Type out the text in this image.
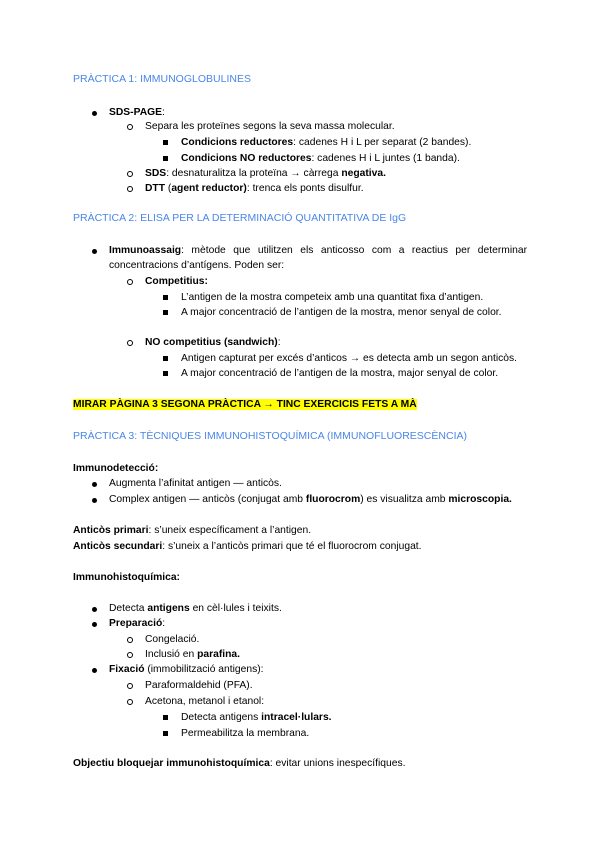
PRÀCTICA 1: IMMUNOGLOBULINES
SDS-PAGE:
Separa les proteïnes segons la seva massa molecular.
Condicions reductores: cadenes H i L per separat (2 bandes).
Condicions NO reductores: cadenes H i L juntes (1 banda).
SDS: desnaturalitza la proteïna → càrrega negativa.
DTT (agent reductor): trenca els ponts disulfur.
PRÀCTICA 2: ELISA PER LA DETERMINACIÓ QUANTITATIVA DE IgG
Immunoassaig: mètode que utilitzen els anticosso com a reactius per determinar
concentracions d’antígens. Poden ser:
Competitius:
L’antigen de la mostra competeix amb una quantitat fixa d’antigen.
A major concentració de l’antigen de la mostra, menor senyal de color.
NO competitius (sandwich):
Antigen capturat per excés d’anticos → es detecta amb un segon anticòs.
A major concentració de l’antigen de la mostra, major senyal de color.
MIRAR PÀGINA 3 SEGONA PRÀCTICA → TINC EXERCICIS FETS A MÀ
PRÀCTICA 3: TÈCNIQUES IMMUNOHISTOQUÍMICA (IMMUNOFLUORESCÈNCIA)
Immunodetecció:
Augmenta l’afinitat antigen — anticòs.
Complex antigen — anticòs (conjugat amb fluorocrom) es visualitza amb microscopia.
Anticòs primari: s’uneix específicament a l’antigen.
Anticòs secundari: s’uneix a l’anticòs primari que té el fluorocrom conjugat.
Immunohistoquímica:
Detecta antigens en cèl·lules i teixits.
Preparació:
Congelació.
Inclusió en parafina.
Fixació (immobilització antigens):
Paraformaldehid (PFA).
Acetona, metanol i etanol:
Detecta antigens intracel·lulars.
Permeabilitza la membrana.
Objectiu bloquejar immunohistoquímica: evitar unions inespecífiques.
